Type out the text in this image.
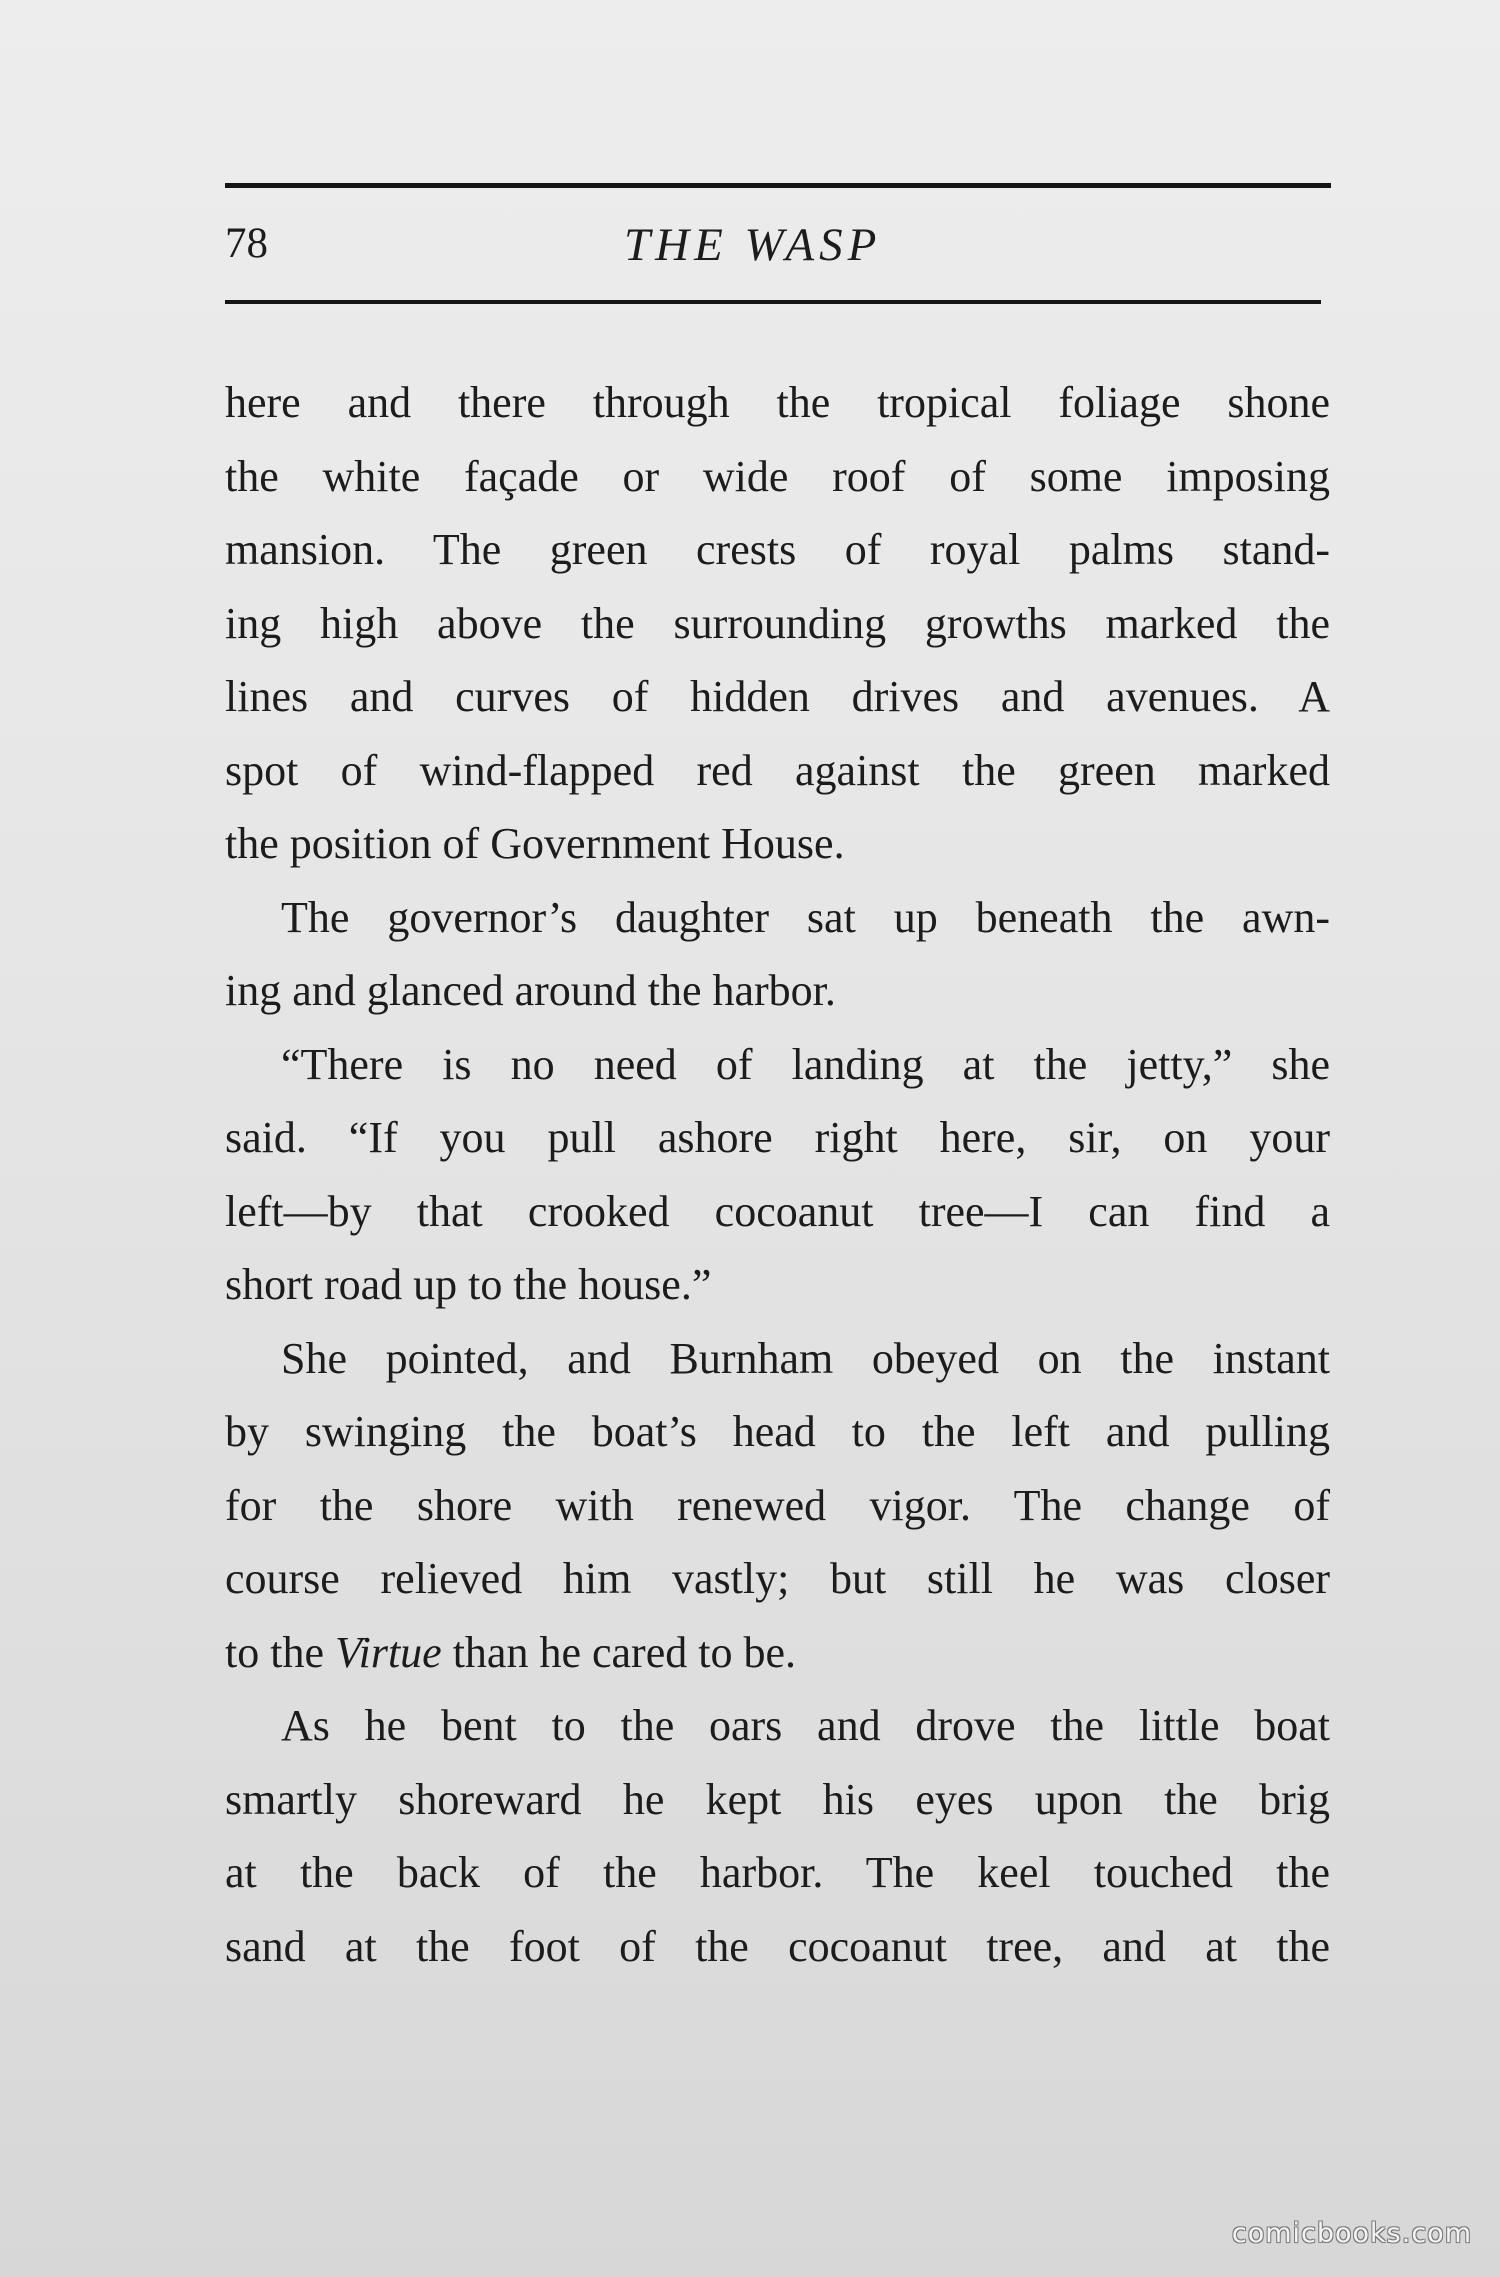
78	THE WASP
here and there through the tropical foliage shone
the white façade or wide roof of some imposing
mansion. The green crests of royal palms stand-
ing high above the surrounding growths marked the
lines and curves of hidden drives and avenues. A
spot of wind-flapped red against the green marked
the position of Government House.
The governor’s daughter sat up beneath the awn-
ing and glanced around the harbor.
“There is no need of landing at the jetty,” she
said. “If you pull ashore right here, sir, on your
left—by that crooked cocoanut tree—I can find a
short road up to the house.”
She pointed, and Burnham obeyed on the instant
by swinging the boat’s head to the left and pulling
for the shore with renewed vigor. The change of
course relieved him vastly; but still he was closer
to the Virtue than he cared to be.
As he bent to the oars and drove the little boat
smartly shoreward he kept his eyes upon the brig
at the back of the harbor. The keel touched the
sand at the foot of the cocoanut tree, and at the
comicbooks.com
